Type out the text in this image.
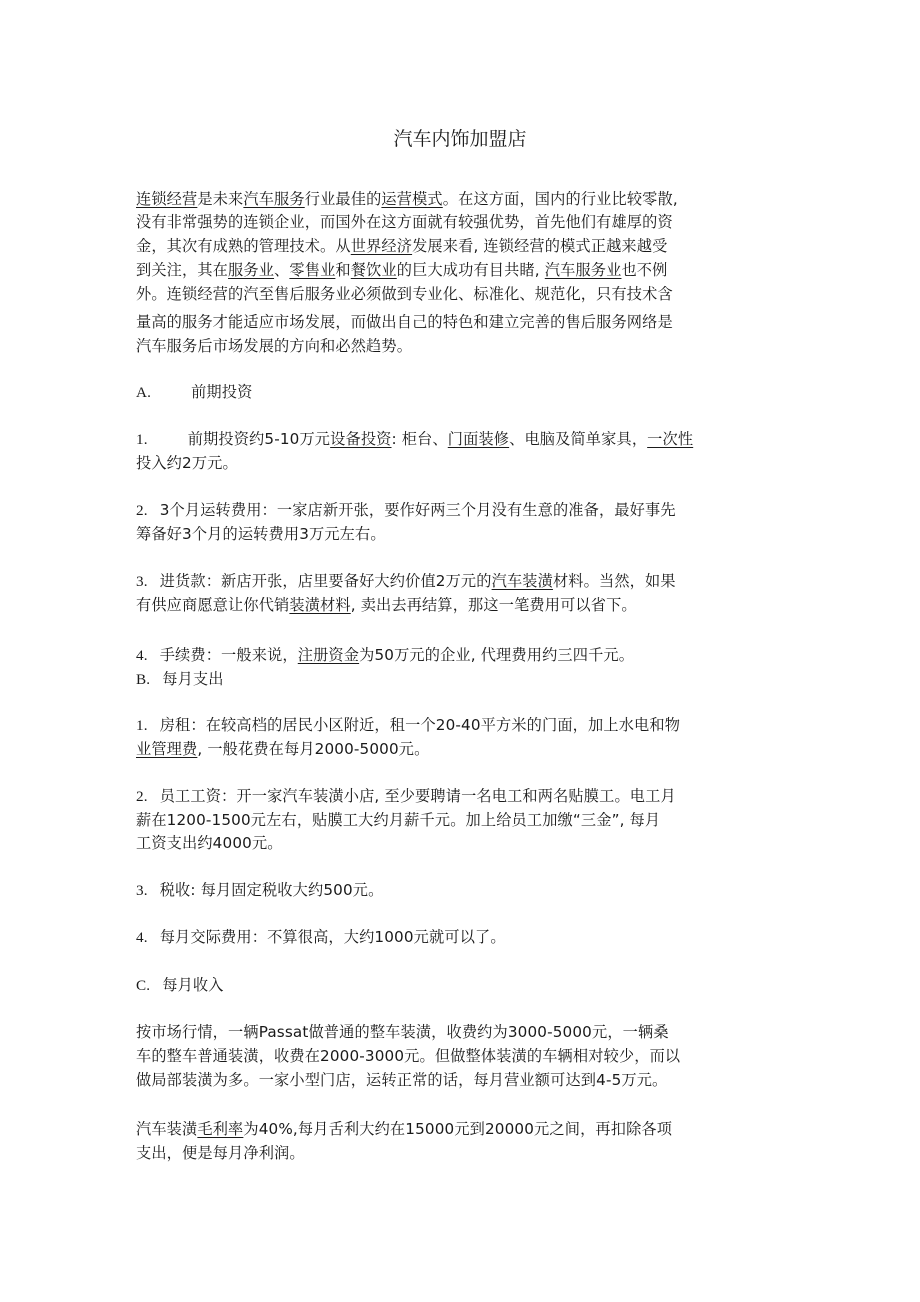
汽车内饰加盟店
连锁经营是未来汽车服务行业最佳的运营模式。在这方面，国内的行业比较零散,
没有非常强势的连锁企业，而国外在这方面就有较强优势，首先他们有雄厚的资
金，其次有成熟的管理技术。从世界经济发展来看, 连锁经营的模式正越来越受
到关注，其在服务业、零售业和餐饮业的巨大成功有目共睹, 汽车服务业也不例
外。连锁经营的汽至售后服务业必须做到专业化、标准化、规范化，只有技术含
量高的服务才能适应市场发展，而做出自己的特色和建立完善的售后服务网络是
汽车服务后市场发展的方向和必然趋势。
A.	前期投资
1.	前期投资约5-10万元设备投资: 柜台、门面装修、电脑及简单家具，一次性
投入约2万元。
2. 3个月运转费用：一家店新开张，要作好两三个月没有生意的准备，最好事先
筹备好3个月的运转费用3万元左右。
3. 进货款：新店开张，店里要备好大约价值2万元的汽车装潢材料。当然，如果
有供应商愿意让你代销装潢材料, 卖出去再结算，那这一笔费用可以省下。
4. 手续费：一般来说，注册资金为50万元的企业, 代理费用约三四千元。
B. 每月支出
1. 房租：在较高档的居民小区附近，租一个20-40平方米的门面，加上水电和物
业管理费, 一般花费在每月2000-5000元。
2. 员工工资：开一家汽车装潢小店, 至少要聘请一名电工和两名贴膜工。电工月
薪在1200-1500元左右，贴膜工大约月薪千元。加上给员工加缴“三金”, 每月
工资支出约4000元。
3. 税收: 每月固定税收大约500元。
4. 每月交际费用：不算很高，大约1000元就可以了。
C. 每月收入
按市场行情，一辆Passat做普通的整车装潢，收费约为3000-5000元，一辆桑
车的整车普通装潢，收费在2000-3000元。但做整体装潢的车辆相对较少，而以
做局部装潢为多。一家小型门店，运转正常的话，每月营业额可达到4-5万元。
汽车装潢毛利率为40%,每月舌利大约在15000元到20000元之间，再扣除各项
支出，便是每月净利润。
